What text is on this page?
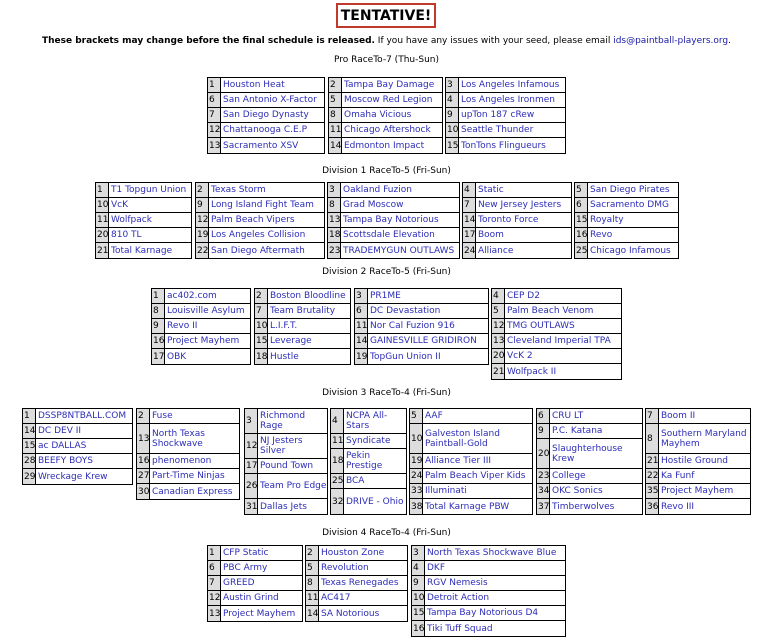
TENTATIVE!
These brackets may change before the final schedule is released. If you have any issues with your seed, please email ids@paintball-players.org.
Pro RaceTo-7 (Thu-Sun)
1 Houston Heat
6 San Antonio X-Factor
7 San Diego Dynasty
12 Chattanooga C.E.P
13 Sacramento XSV
2 Tampa Bay Damage
5 Moscow Red Legion
8 Omaha Vicious
11 Chicago Aftershock
14 Edmonton Impact
3 Los Angeles Infamous
4 Los Angeles Ironmen
9 upTon 187 cRew
10 Seattle Thunder
15 TonTons Flingueurs
Division 1 RaceTo-5 (Fri-Sun)
1 T1 Topgun Union
10 VcK
11 Wolfpack
20 810 TL
21 Total Karnage
2 Texas Storm
9 Long Island Fight Team
12 Palm Beach Vipers
19 Los Angeles Collision
22 San Diego Aftermath
3 Oakland Fuzion
8 Grad Moscow
13 Tampa Bay Notorious
18 Scottsdale Elevation
23 TRADEMYGUN OUTLAWS
4 Static
7 New Jersey Jesters
14 Toronto Force
17 Boom
24 Alliance
5 San Diego Pirates
6 Sacramento DMG
15 Royalty
16 Revo
25 Chicago Infamous
Division 2 RaceTo-5 (Fri-Sun)
1 ac402.com
8 Louisville Asylum
9 Revo II
16 Project Mayhem
17 OBK
2 Boston Bloodline
7 Team Brutality
10 L.I.F.T.
15 Leverage
18 Hustle
3 PR1ME
6 DC Devastation
11 Nor Cal Fuzion 916
14 GAINESVILLE GRIDIRON
19 TopGun Union II
4 CEP D2
5 Palm Beach Venom
12 TMG OUTLAWS
13 Cleveland Imperial TPA
20 VcK 2
21 Wolfpack II
Division 3 RaceTo-4 (Fri-Sun)
1 DSSP8NTBALL.COM
14 DC DEV II
15 ac DALLAS
28 BEEFY BOYS
29 Wreckage Krew
2 Fuse
13 North Texas Shockwave
16 phenomenon
27 Part-Time Ninjas
30 Canadian Express
3 Richmond Rage
12 NJ Jesters Silver
17 Pound Town
26 Team Pro Edge
31 Dallas Jets
4 NCPA All-Stars
11 Syndicate
18 Pekin Prestige
25 BCA
32 DRIVE - Ohio
5 AAF
10 Galveston Island Paintball-Gold
19 Alliance Tier III
24 Palm Beach Viper Kids
33 Illuminati
38 Total Karnage PBW
6 CRU LT
9 P.C. Katana
20 Slaughterhouse Krew
23 College
34 OKC Sonics
37 Timberwolves
7 Boom II
8 Southern Maryland Mayhem
21 Hostile Ground
22 Ka Funf
35 Project Mayhem
36 Revo III
Division 4 RaceTo-4 (Fri-Sun)
1 CFP Static
6 PBC Army
7 GREED
12 Austin Grind
13 Project Mayhem
2 Houston Zone
5 Revolution
8 Texas Renegades
11 AC417
14 SA Notorious
3 North Texas Shockwave Blue
4 DKF
9 RGV Nemesis
10 Detroit Action
15 Tampa Bay Notorious D4
16 Tiki Tuff Squad
